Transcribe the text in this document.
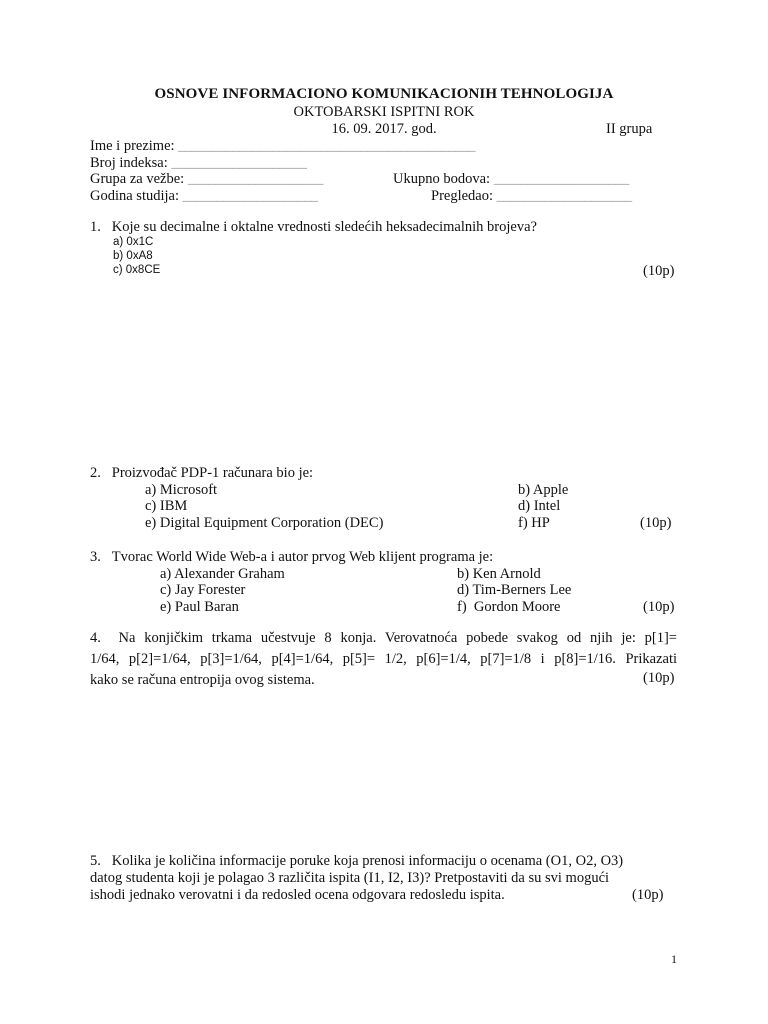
OSNOVE INFORMACIONO KOMUNIKACIONIH TEHNOLOGIJA
OKTOBARSKI ISPITNI ROK
16. 09. 2017. god.	II grupa
Ime i prezime: ____________________________________________
Broj indeksa: ____________________
Grupa za vežbe: ____________________	Ukupno bodova: ____________________
Godina studija: ____________________	Pregledao: ____________________
1.   Koje su decimalne i oktalne vrednosti sledećih heksadecimalnih brojeva?
a) 0x1C
b) 0xA8
c) 0x8CE	(10p)
2.   Proizvođač PDP-1 računara bio je:
a) Microsoft	b) Apple
c) IBM	d) Intel
e) Digital Equipment Corporation (DEC)	f) HP	(10p)
3.   Tvorac World Wide Web-a i autor prvog Web klijent programa je:
a) Alexander Graham	b) Ken Arnold
c) Jay Forester	d) Tim-Berners Lee
e) Paul Baran	f)  Gordon Moore	(10p)
4.  Na konjičkim trkama učestvuje 8 konja. Verovatnoća pobede svakog od njih je: p[1]=
1/64, p[2]=1/64, p[3]=1/64, p[4]=1/64, p[5]= 1/2, p[6]=1/4, p[7]=1/8 i p[8]=1/16. Prikazati
kako se računa entropija ovog sistema.	(10p)
5.   Kolika je količina informacije poruke koja prenosi informaciju o ocenama (O1, O2, O3)
datog studenta koji je polagao 3 različita ispita (I1, I2, I3)? Pretpostaviti da su svi mogući
ishodi jednako verovatni i da redosled ocena odgovara redosledu ispita.	(10p)
1
